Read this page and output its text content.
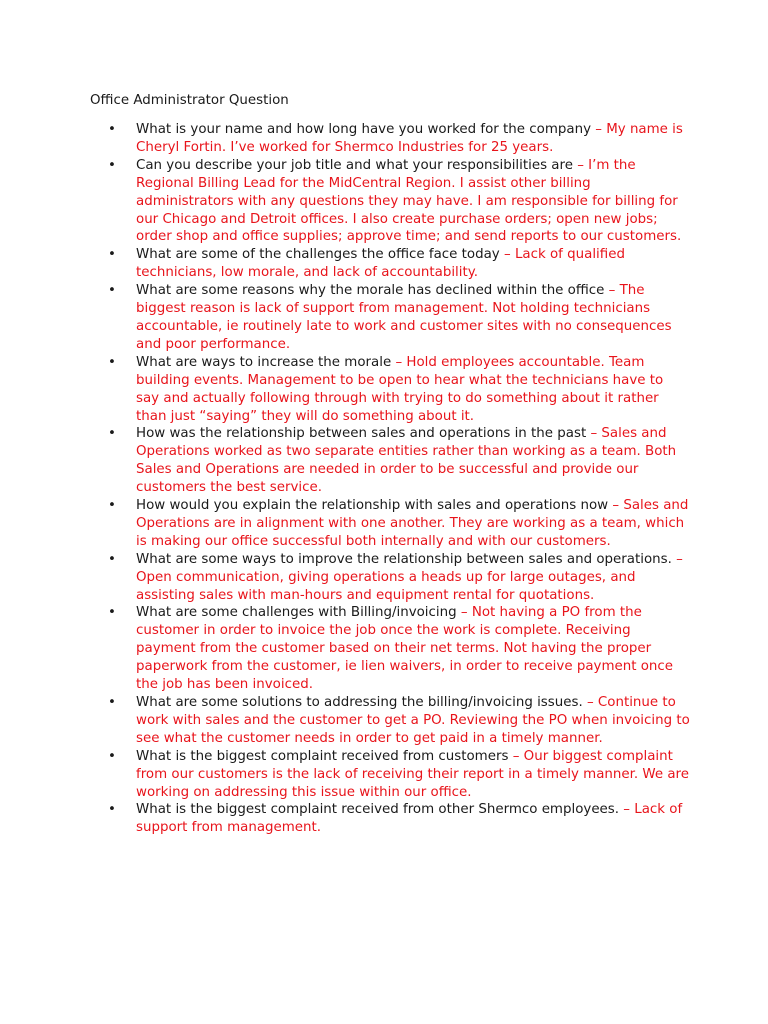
Office Administrator Question
• What is your name and how long have you worked for the company – My name is Cheryl Fortin. I’ve worked for Shermco Industries for 25 years.
• Can you describe your job title and what your responsibilities are – I’m the Regional Billing Lead for the MidCentral Region. I assist other billing administrators with any questions they may have. I am responsible for billing for our Chicago and Detroit offices. I also create purchase orders; open new jobs; order shop and office supplies; approve time; and send reports to our customers.
• What are some of the challenges the office face today – Lack of qualified technicians, low morale, and lack of accountability.
• What are some reasons why the morale has declined within the office – The biggest reason is lack of support from management. Not holding technicians accountable, ie routinely late to work and customer sites with no consequences and poor performance.
• What are ways to increase the morale – Hold employees accountable. Team building events. Management to be open to hear what the technicians have to say and actually following through with trying to do something about it rather than just “saying” they will do something about it.
• How was the relationship between sales and operations in the past – Sales and Operations worked as two separate entities rather than working as a team. Both Sales and Operations are needed in order to be successful and provide our customers the best service.
• How would you explain the relationship with sales and operations now – Sales and Operations are in alignment with one another. They are working as a team, which is making our office successful both internally and with our customers.
• What are some ways to improve the relationship between sales and operations. – Open communication, giving operations a heads up for large outages, and assisting sales with man-hours and equipment rental for quotations.
• What are some challenges with Billing/invoicing – Not having a PO from the customer in order to invoice the job once the work is complete. Receiving payment from the customer based on their net terms. Not having the proper paperwork from the customer, ie lien waivers, in order to receive payment once the job has been invoiced.
• What are some solutions to addressing the billing/invoicing issues. – Continue to work with sales and the customer to get a PO. Reviewing the PO when invoicing to see what the customer needs in order to get paid in a timely manner.
• What is the biggest complaint received from customers – Our biggest complaint from our customers is the lack of receiving their report in a timely manner. We are working on addressing this issue within our office.
• What is the biggest complaint received from other Shermco employees. – Lack of support from management.
